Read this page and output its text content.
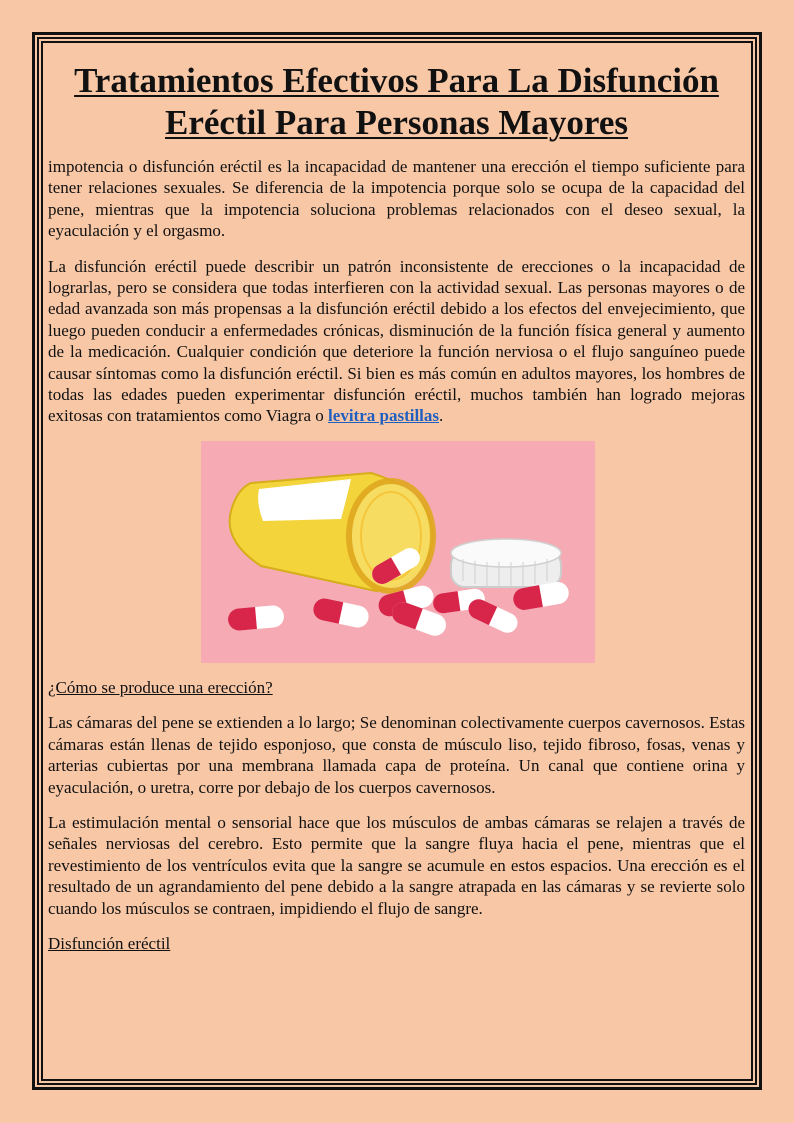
Tratamientos Efectivos Para La Disfunción Eréctil Para Personas Mayores

impotencia o disfunción eréctil es la incapacidad de mantener una erección el tiempo suficiente para tener relaciones sexuales. Se diferencia de la impotencia porque solo se ocupa de la capacidad del pene, mientras que la impotencia soluciona problemas relacionados con el deseo sexual, la eyaculación y el orgasmo.

La disfunción eréctil puede describir un patrón inconsistente de erecciones o la incapacidad de lograrlas, pero se considera que todas interfieren con la actividad sexual. Las personas mayores o de edad avanzada son más propensas a la disfunción eréctil debido a los efectos del envejecimiento, que luego pueden conducir a enfermedades crónicas, disminución de la función física general y aumento de la medicación. Cualquier condición que deteriore la función nerviosa o el flujo sanguíneo puede causar síntomas como la disfunción eréctil. Si bien es más común en adultos mayores, los hombres de todas las edades pueden experimentar disfunción eréctil, muchos también han logrado mejoras exitosas con tratamientos como Viagra o levitra pastillas.

¿Cómo se produce una erección?

Las cámaras del pene se extienden a lo largo; Se denominan colectivamente cuerpos cavernosos. Estas cámaras están llenas de tejido esponjoso, que consta de músculo liso, tejido fibroso, fosas, venas y arterias cubiertas por una membrana llamada capa de proteína. Un canal que contiene orina y eyaculación, o uretra, corre por debajo de los cuerpos cavernosos.

La estimulación mental o sensorial hace que los músculos de ambas cámaras se relajen a través de señales nerviosas del cerebro. Esto permite que la sangre fluya hacia el pene, mientras que el revestimiento de los ventrículos evita que la sangre se acumule en estos espacios. Una erección es el resultado de un agrandamiento del pene debido a la sangre atrapada en las cámaras y se revierte solo cuando los músculos se contraen, impidiendo el flujo de sangre.

Disfunción eréctil
